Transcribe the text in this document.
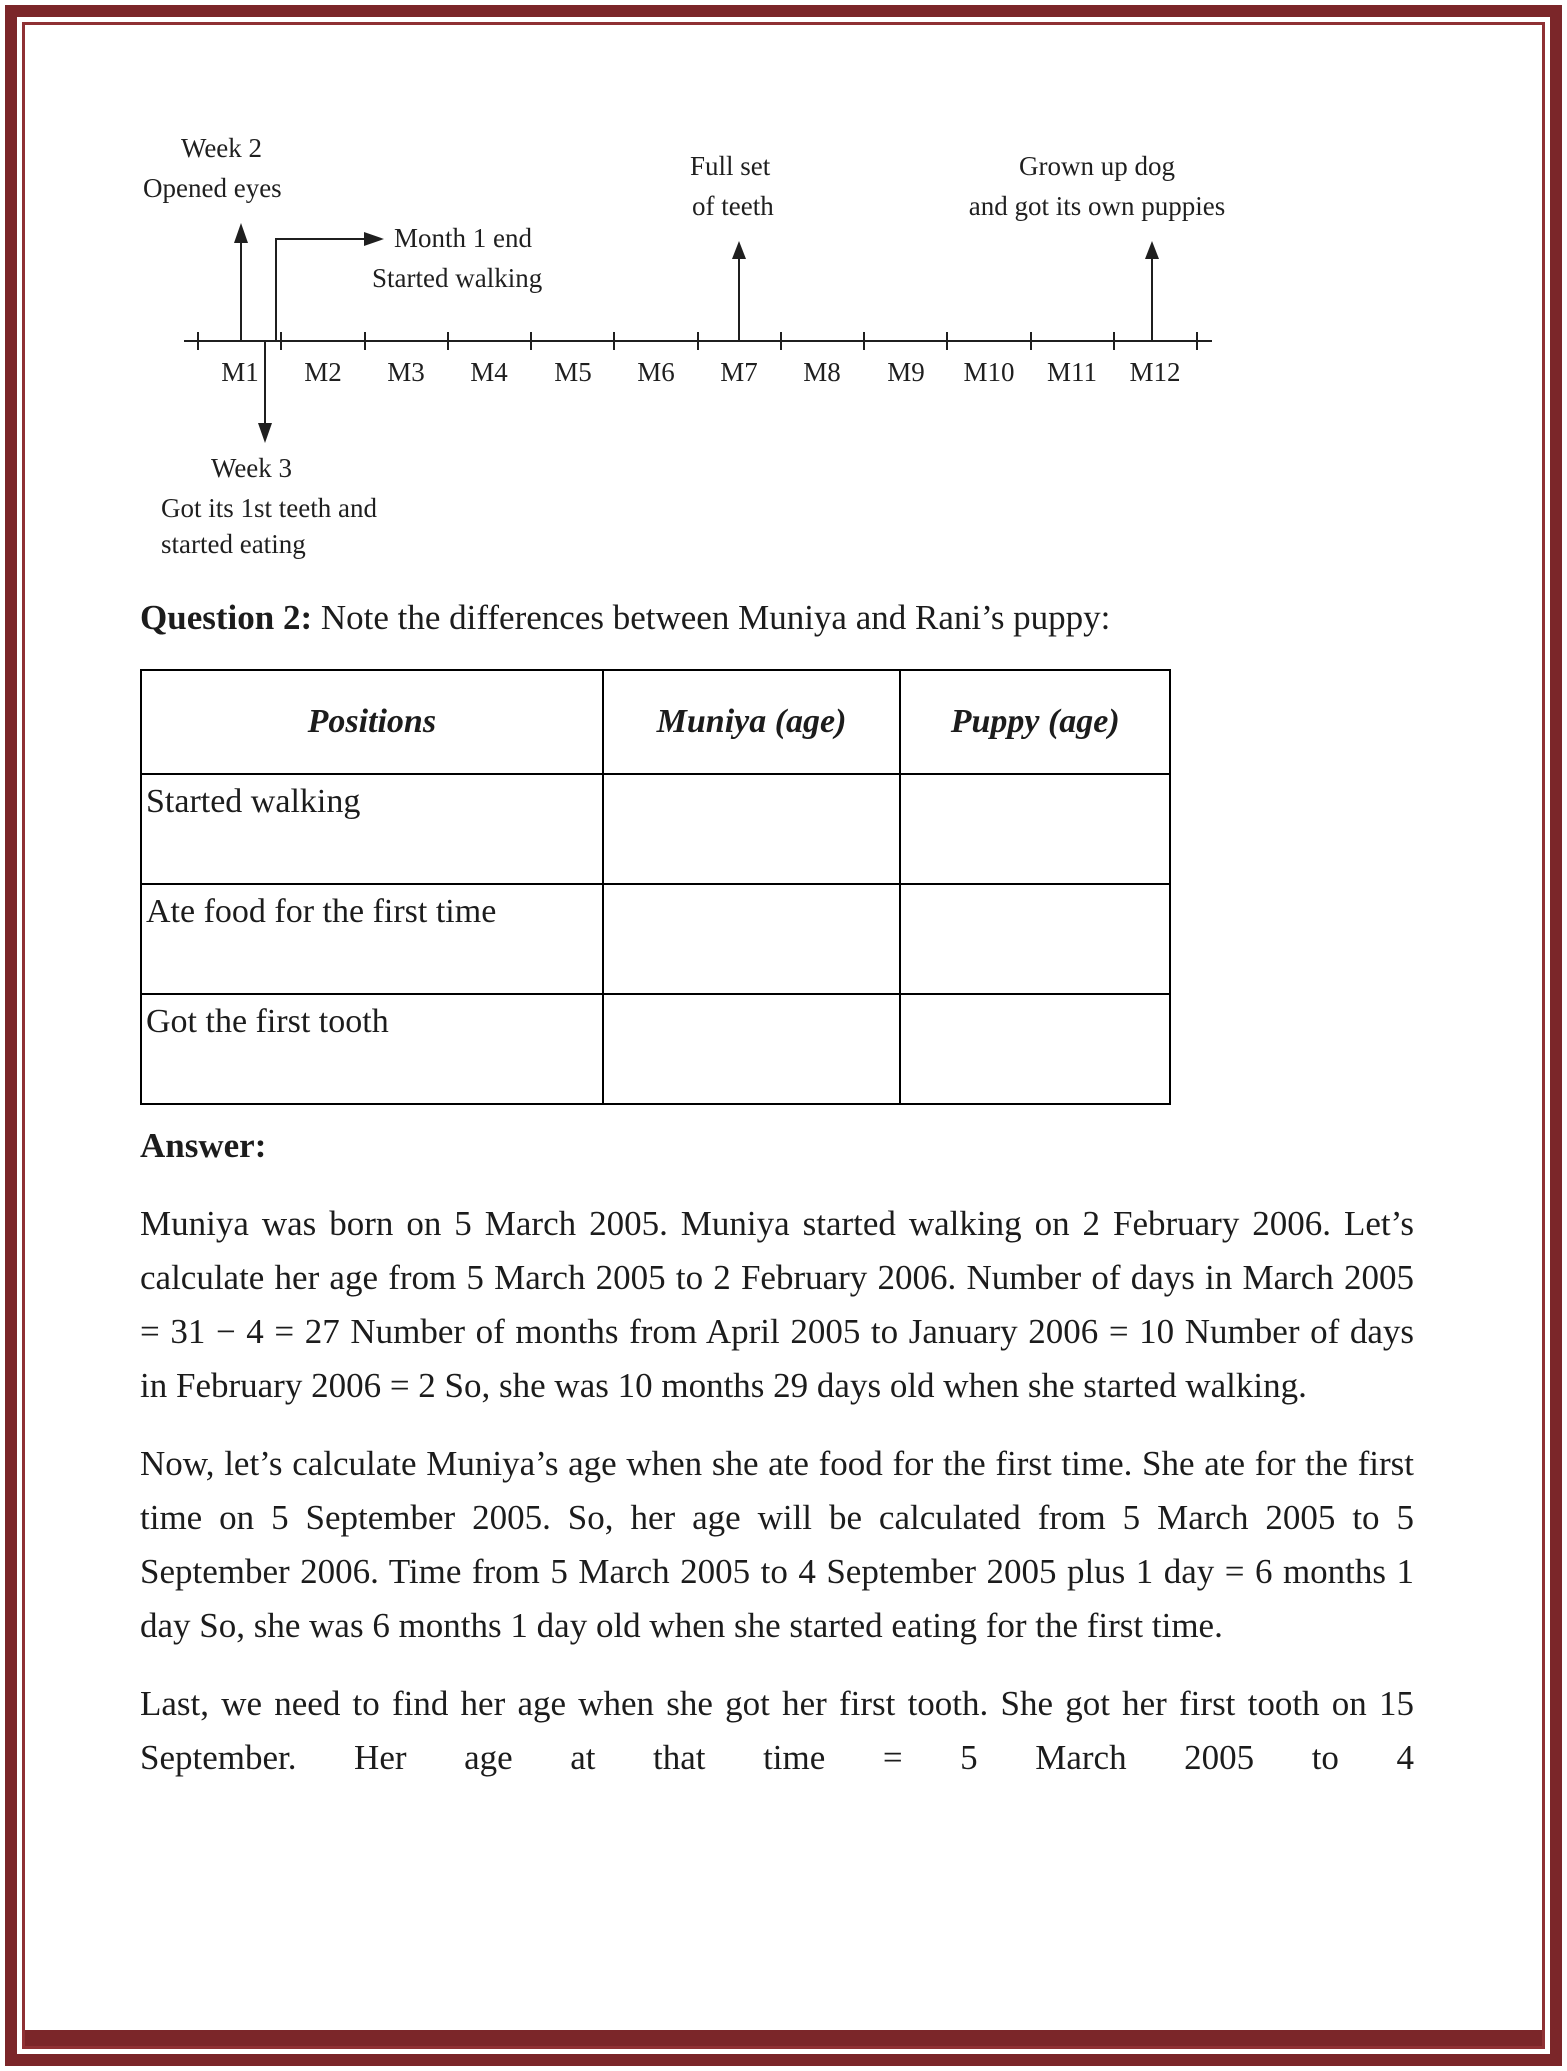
Week 2
Opened eyes
Month 1 end
Started walking
Full set
of teeth
Grown up dog
and got its own puppies
M1 M2 M3 M4 M5 M6 M7 M8 M9 M10 M11 M12
Week 3
Got its 1st teeth and
started eating

Question 2: Note the differences between Muniya and Rani’s puppy:

Positions	Muniya (age)	Puppy (age)
Started walking		
Ate food for the first time		
Got the first tooth		

Answer:

Muniya was born on 5 March 2005. Muniya started walking on 2 February 2006. Let’s calculate her age from 5 March 2005 to 2 February 2006. Number of days in March 2005 = 31 − 4 = 27 Number of months from April 2005 to January 2006 = 10 Number of days in February 2006 = 2 So, she was 10 months 29 days old when she started walking.

Now, let’s calculate Muniya’s age when she ate food for the first time. She ate for the first time on 5 September 2005. So, her age will be calculated from 5 March 2005 to 5 September 2006. Time from 5 March 2005 to 4 September 2005 plus 1 day = 6 months 1 day So, she was 6 months 1 day old when she started eating for the first time.

Last, we need to find her age when she got her first tooth. She got her first tooth on 15 September. Her age at that time = 5 March 2005 to 4
